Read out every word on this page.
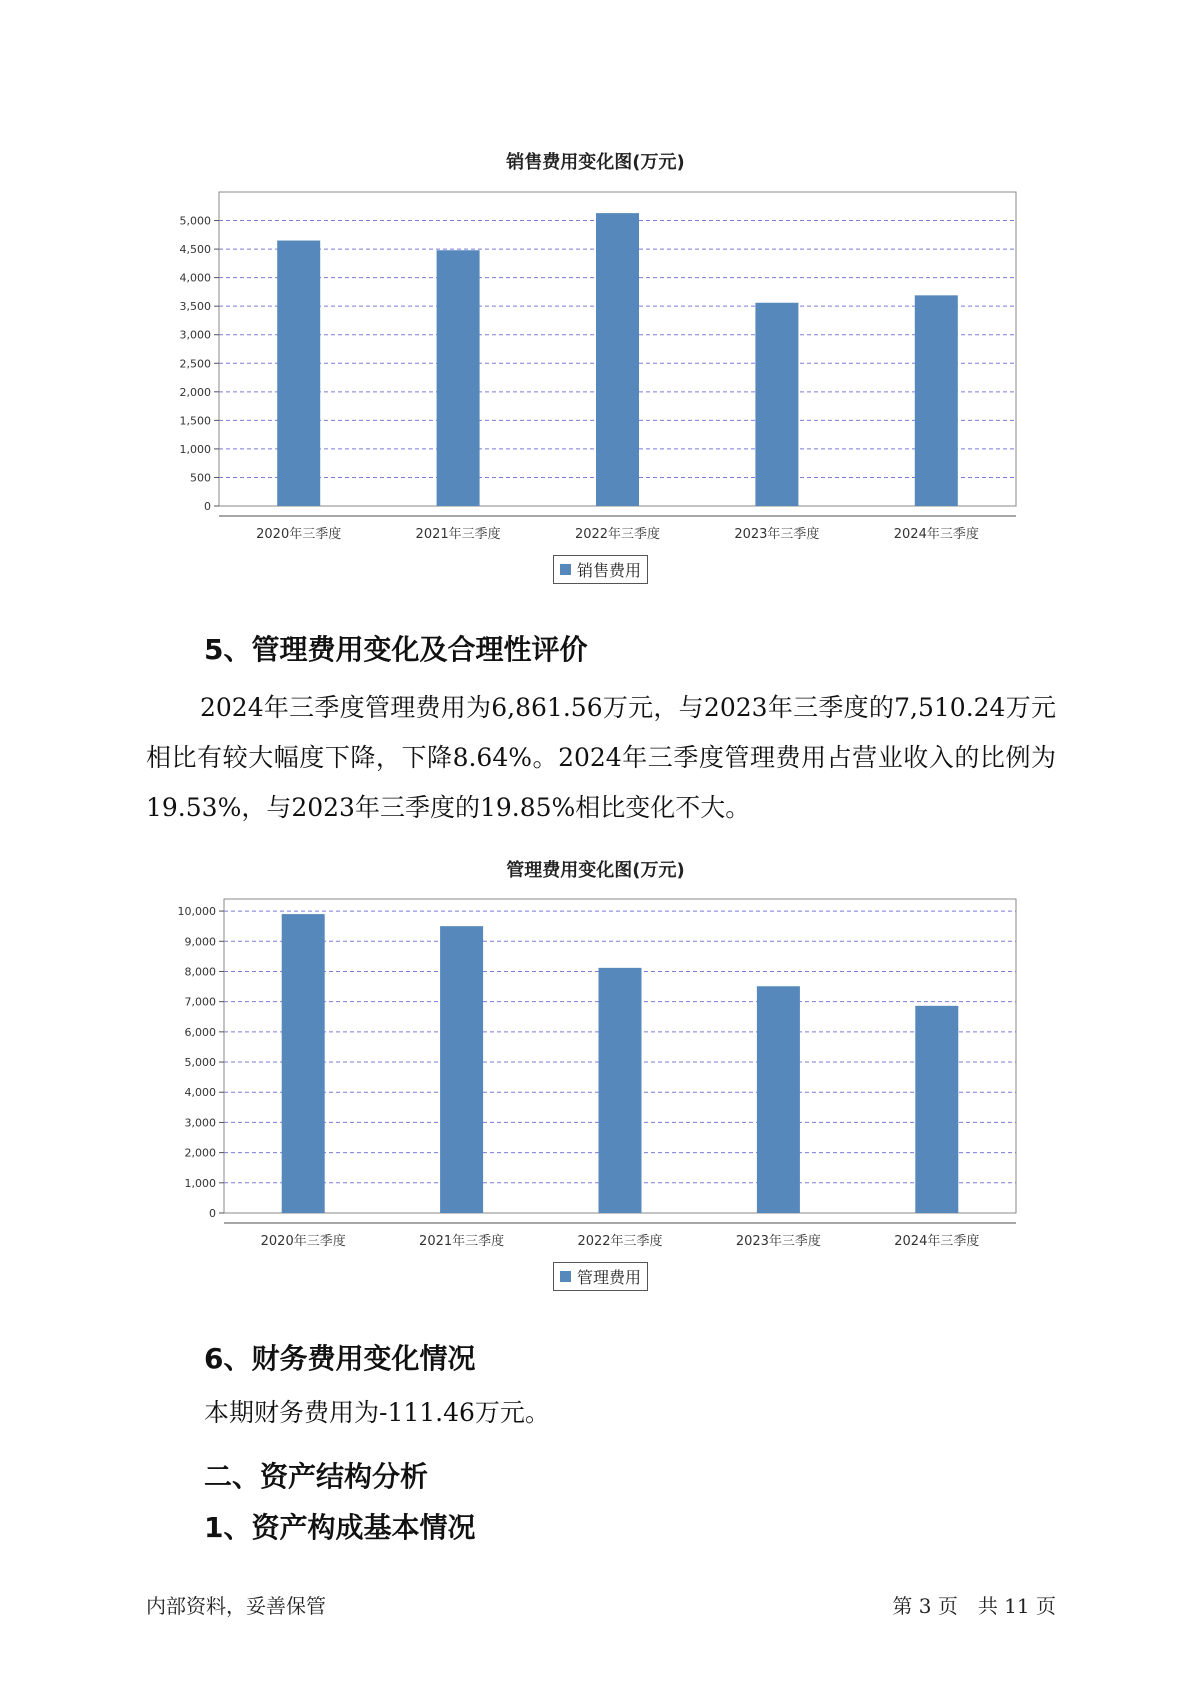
销售费用变化图(万元)
0
500
1,000
1,500
2,000
2,500
3,000
3,500
4,000
4,500
5,000
2020年三季度	2021年三季度	2022年三季度	2023年三季度	2024年三季度
销售费用
5、管理费用变化及合理性评价

2024年三季度管理费用为6,861.56万元，与2023年三季度的7,510.24万元相比有较大幅度下降，下降8.64%。2024年三季度管理费用占营业收入的比例为19.53%，与2023年三季度的19.85%相比变化不大。

管理费用变化图(万元)
0
1,000
2,000
3,000
4,000
5,000
6,000
7,000
8,000
9,000
10,000
2020年三季度	2021年三季度	2022年三季度	2023年三季度	2024年三季度
管理费用
6、财务费用变化情况

本期财务费用为-111.46万元。

二、资产结构分析
1、资产构成基本情况
内部资料，妥善保管	第 3 页　共 11 页
